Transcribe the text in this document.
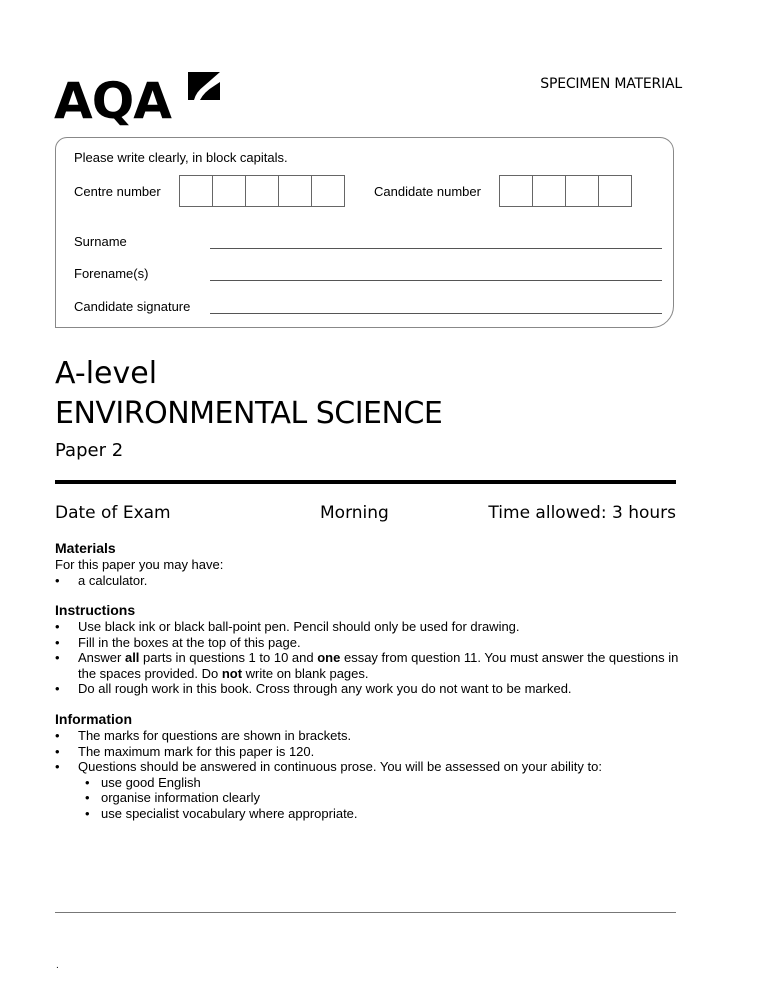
AQA	SPECIMEN MATERIAL
Please write clearly, in block capitals.
Centre number	Candidate number
Surname
Forename(s)
Candidate signature
A-level
ENVIRONMENTAL SCIENCE
Paper 2
Date of Exam	Morning	Time allowed: 3 hours
Materials
For this paper you may have:
• a calculator.
Instructions
• Use black ink or black ball-point pen. Pencil should only be used for drawing.
• Fill in the boxes at the top of this page.
• Answer all parts in questions 1 to 10 and one essay from question 11. You must answer the questions in the spaces provided. Do not write on blank pages.
• Do all rough work in this book. Cross through any work you do not want to be marked.
Information
• The marks for questions are shown in brackets.
• The maximum mark for this paper is 120.
• Questions should be answered in continuous prose. You will be assessed on your ability to:
• use good English
• organise information clearly
• use specialist vocabulary where appropriate.
.
